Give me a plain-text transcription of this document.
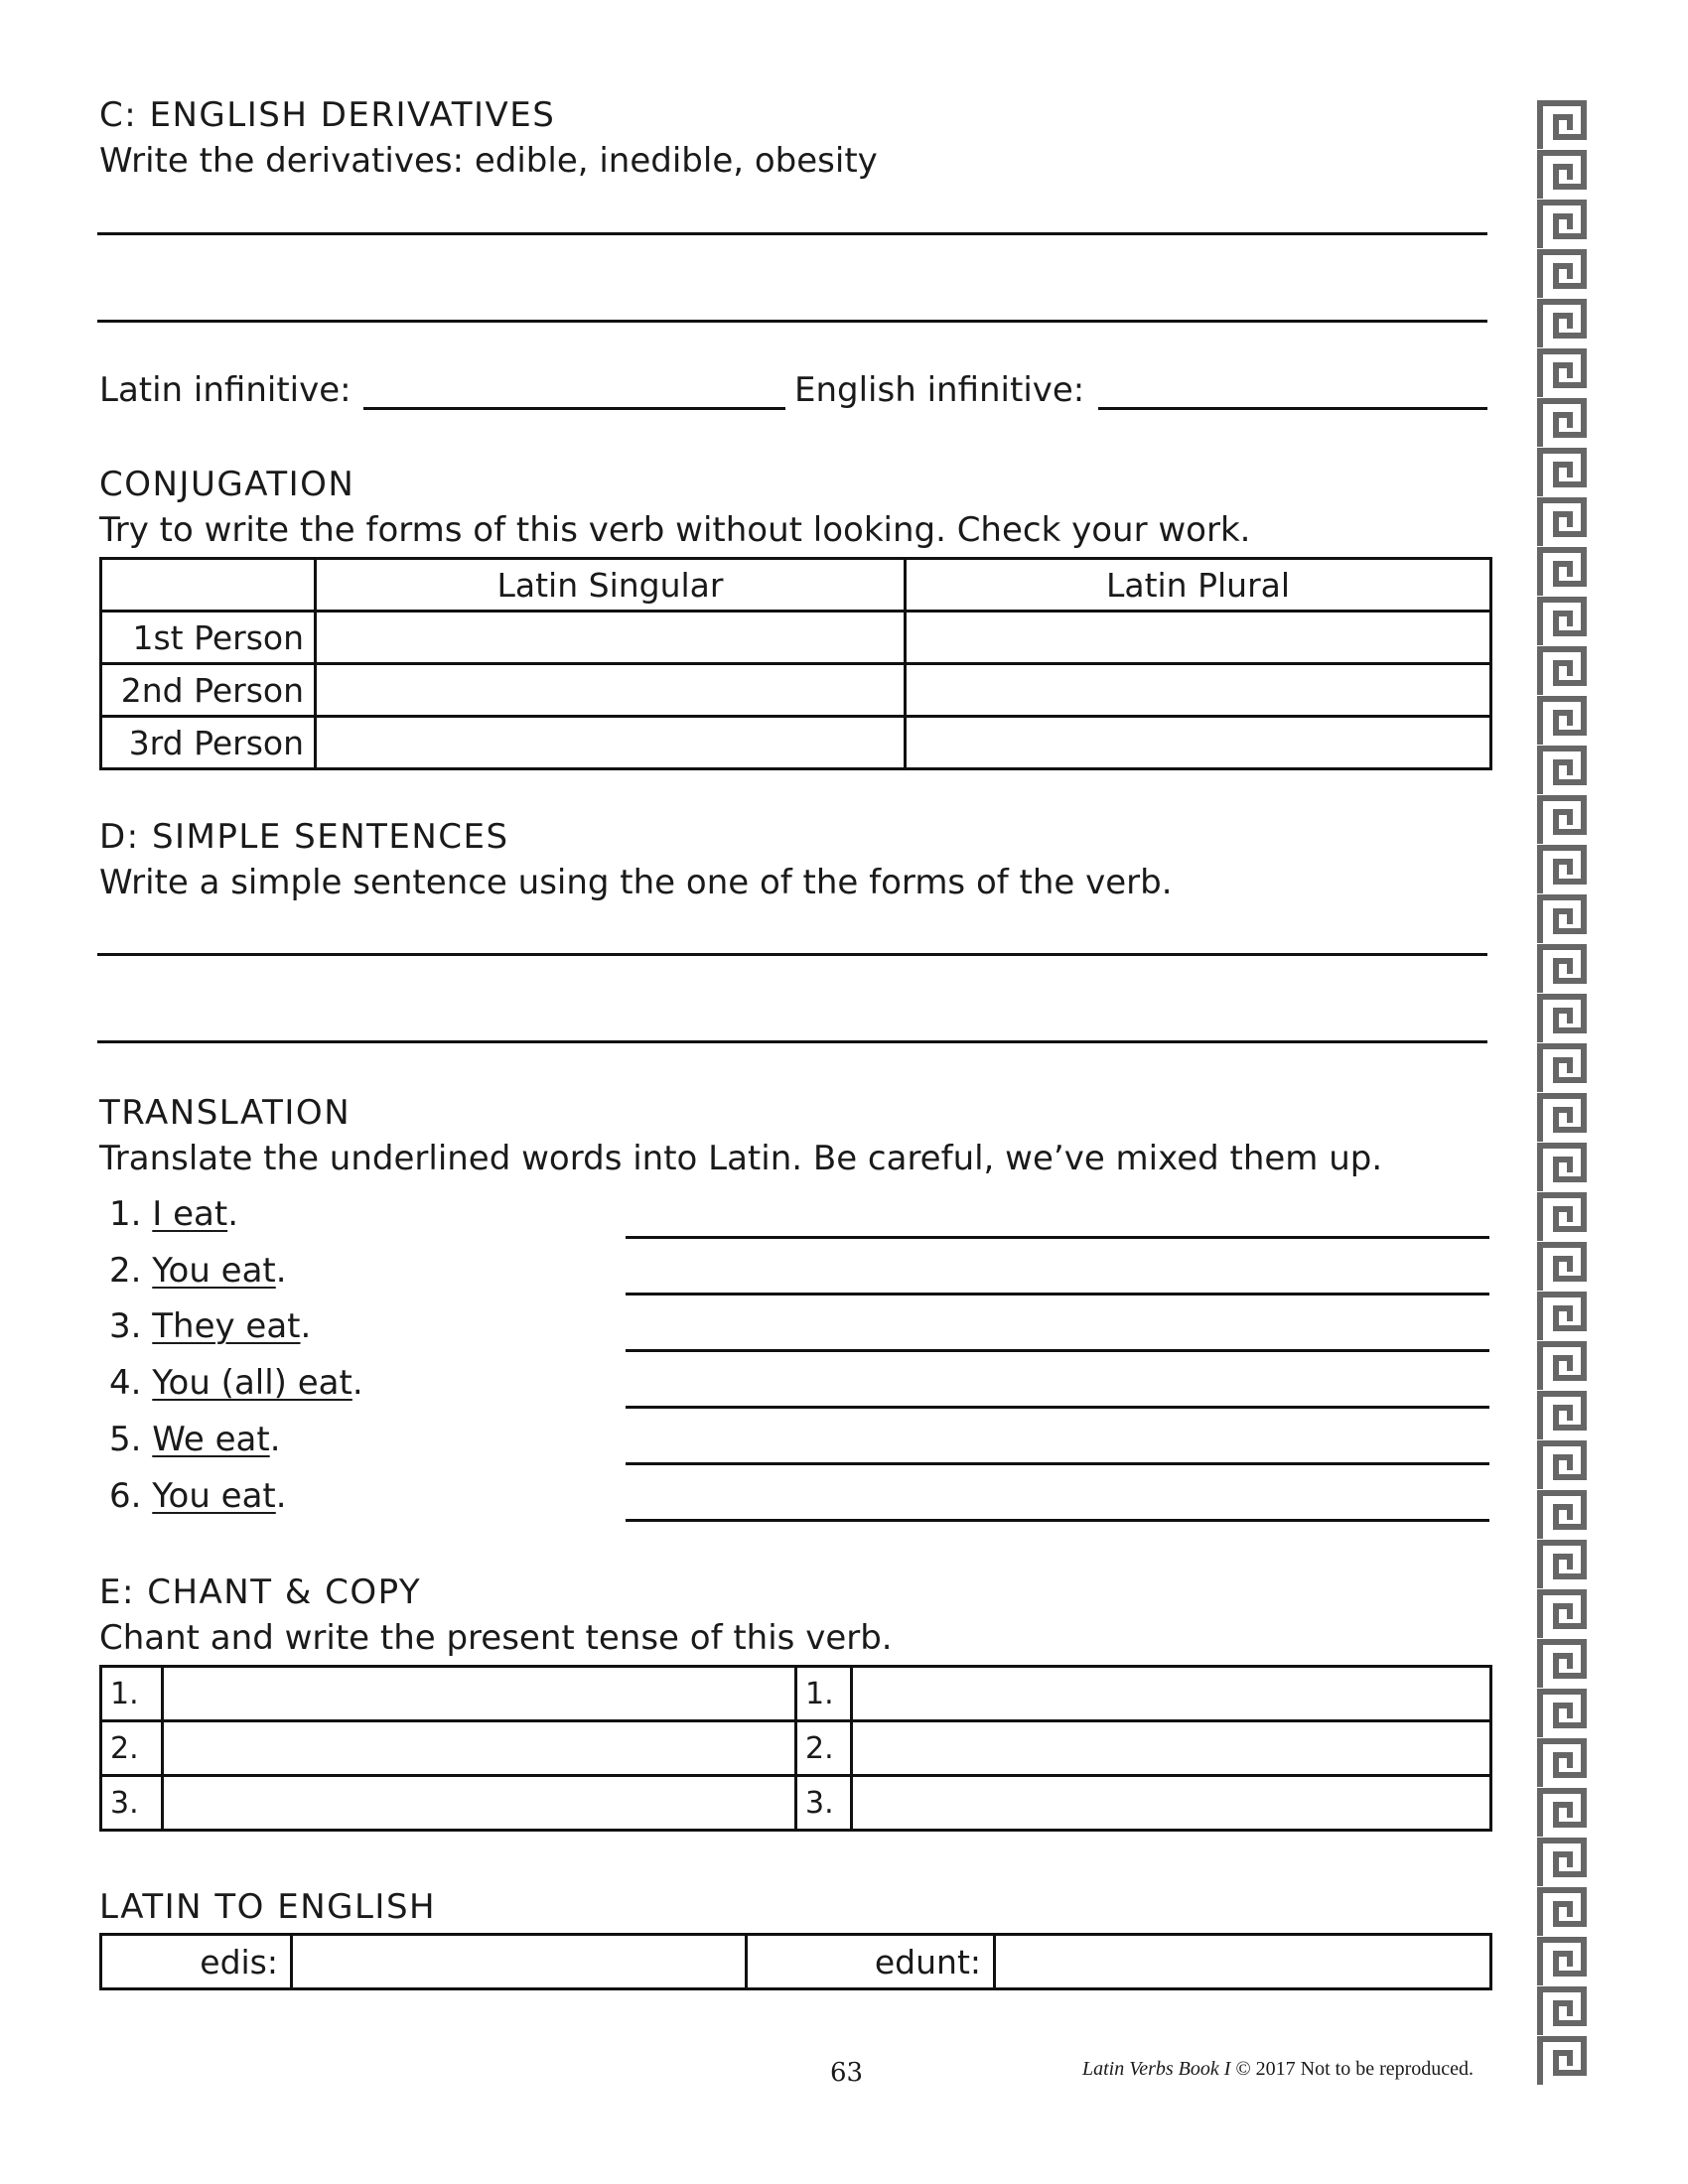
C: ENGLISH DERIVATIVES
Write the derivatives: edible, inedible, obesity
Latin infinitive:	English infinitive:
CONJUGATION
Try to write the forms of this verb without looking. Check your work.
	Latin Singular	Latin Plural
1st Person		
2nd Person		
3rd Person		
D: SIMPLE SENTENCES
Write a simple sentence using the one of the forms of the verb.
TRANSLATION
Translate the underlined words into Latin. Be careful, we’ve mixed them up.
1. I eat.
2. You eat.
3. They eat.
4. You (all) eat.
5. We eat.
6. You eat.
E: CHANT & COPY
Chant and write the present tense of this verb.
1.		1.	
2.		2.	
3.		3.	
LATIN TO ENGLISH
edis:		edunt:	
63	Latin Verbs Book I © 2017 Not to be reproduced.
